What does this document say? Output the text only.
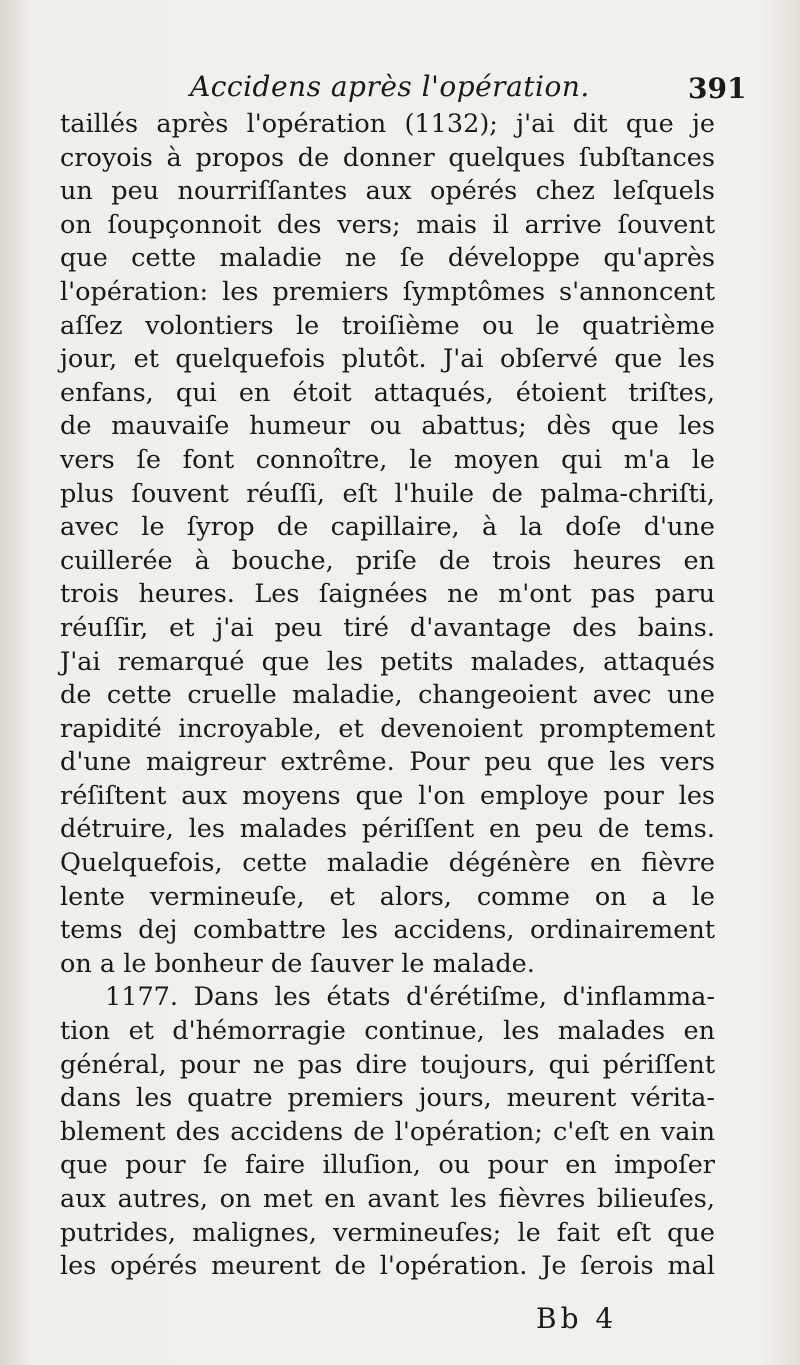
Accidens après l'opération.	391
taillés après l'opération (1132); j'ai dit que je
croyois à propos de donner quelques ſubſtances
un peu nourriſſantes aux opérés chez leſquels
on ſoupçonnoit des vers; mais il arrive ſouvent
que cette maladie ne ſe développe qu'après
l'opération: les premiers ſymptômes s'annoncent
aſſez volontiers le troiſième ou le quatrième
jour, et quelquefois plutôt. J'ai obſervé que les
enfans, qui en étoit attaqués, étoient triſtes,
de mauvaiſe humeur ou abattus; dès que les
vers ſe font connoître, le moyen qui m'a le
plus ſouvent réuſſi, eſt l'huile de palma-chriſti,
avec le ſyrop de capillaire, à la doſe d'une
cuillerée à bouche, priſe de trois heures en
trois heures. Les ſaignées ne m'ont pas paru
réuſſir, et j'ai peu tiré d'avantage des bains.
J'ai remarqué que les petits malades, attaqués
de cette cruelle maladie, changeoient avec une
rapidité incroyable, et devenoient promptement
d'une maigreur extrême. Pour peu que les vers
réſiſtent aux moyens que l'on employe pour les
détruire, les malades périſſent en peu de tems.
Quelquefois, cette maladie dégénère en fièvre
lente vermineuſe, et alors, comme on a le
tems dej combattre les accidens, ordinairement
on a le bonheur de ſauver le malade.
1177. Dans les états d'érétiſme, d'inflamma-
tion et d'hémorragie continue, les malades en
général, pour ne pas dire toujours, qui périſſent
dans les quatre premiers jours, meurent vérita-
blement des accidens de l'opération; c'eſt en vain
que pour ſe faire illuſion, ou pour en impoſer
aux autres, on met en avant les fièvres bilieuſes,
putrides, malignes, vermineuſes; le fait eſt que
les opérés meurent de l'opération. Je ſerois mal
Bb 4
